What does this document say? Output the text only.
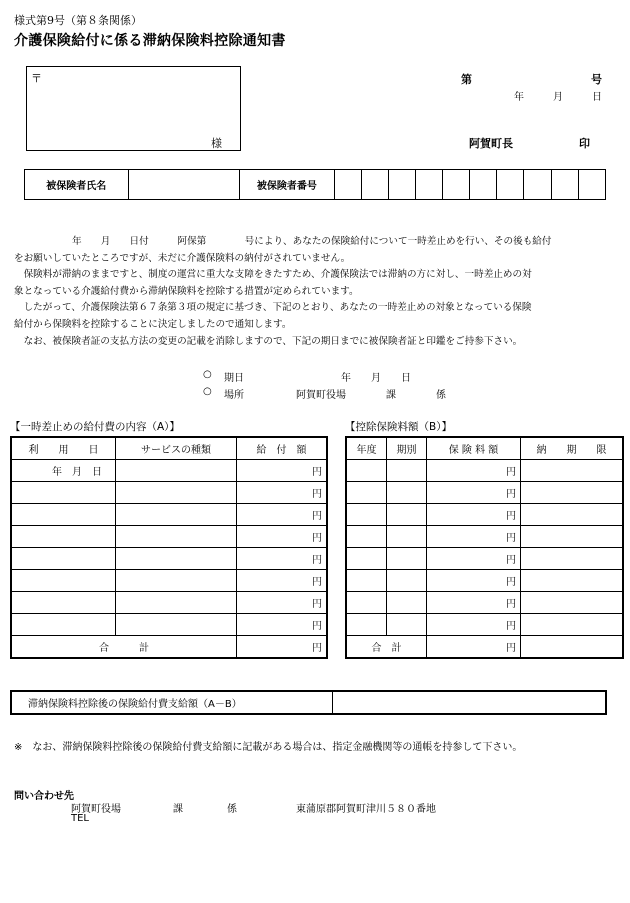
様式第9号（第８条関係）
介護保険給付に係る滞納保険料控除通知書
〒
様
第	号
年	月	日
阿賀町長	印
被保険者氏名		被保険者番号										

年　　月　　日付　　　阿保第　　　　号により、あなたの保険給付について一時差止めを行い、その後も給付

をお願いしていたところですが、未だに介護保険料の納付がされていません。

　保険料が滞納のままですと、制度の運営に重大な支障をきたすため、介護保険法では滞納の方に対し、一時差止めの対

象となっている介護給付費から滞納保険料を控除する措置が定められています。

　したがって、介護保険法第６７条第３項の規定に基づき、下記のとおり、あなたの一時差止めの対象となっている保険

給付から保険料を控除することに決定しましたので通知します。

　なお、被保険者証の支払方法の変更の記載を消除しますので、下記の期日までに被保険者証と印鑑をご持参下さい。

○ 期日	年　　月　　日
○ 場所	阿賀町役場　　　　課　　　　係
【一時差止めの給付費の内容（A）】
利　　用　　日	サービスの種類	給　付　額
年　月　日		円
		円
		円
		円
		円
		円
		円
		円
合　　　計		円
【控除保険料額（B）】
年度	期別	保 険 料 額	納　　期　　限
		円	
		円	
		円	
		円	
		円	
		円	
		円	
		円	
合　計		円	
滞納保険料控除後の保険給付費支給額（A－B）	
※　なお、滞納保険料控除後の保険給付費支給額に記載がある場合は、指定金融機関等の通帳を持参して下さい。
問い合わせ先
阿賀町役場	課	係	東蒲原郡阿賀町津川５８０番地
TEL
